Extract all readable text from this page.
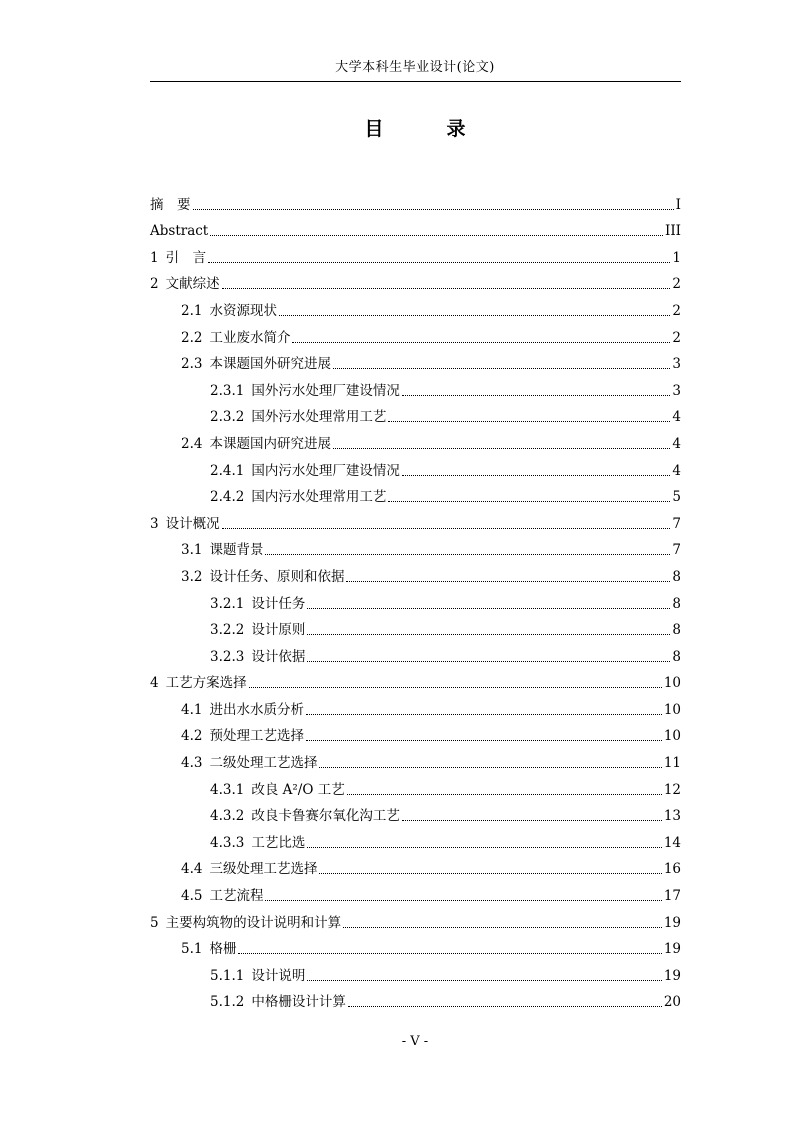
大学本科生毕业设计(论文)
目　录
摘　要	I
Abstract	III
1 引　言	1
2 文献综述	2
2.1 水资源现状	2
2.2 工业废水简介	2
2.3 本课题国外研究进展	3
2.3.1 国外污水处理厂建设情况	3
2.3.2 国外污水处理常用工艺	4
2.4 本课题国内研究进展	4
2.4.1 国内污水处理厂建设情况	4
2.4.2 国内污水处理常用工艺	5
3 设计概况	7
3.1 课题背景	7
3.2 设计任务、原则和依据	8
3.2.1 设计任务	8
3.2.2 设计原则	8
3.2.3 设计依据	8
4 工艺方案选择	10
4.1 进出水水质分析	10
4.2 预处理工艺选择	10
4.3 二级处理工艺选择	11
4.3.1 改良 A²/O 工艺	12
4.3.2 改良卡鲁赛尔氧化沟工艺	13
4.3.3 工艺比选	14
4.4 三级处理工艺选择	16
4.5 工艺流程	17
5 主要构筑物的设计说明和计算	19
5.1 格栅	19
5.1.1 设计说明	19
5.1.2 中格栅设计计算	20
- V -
